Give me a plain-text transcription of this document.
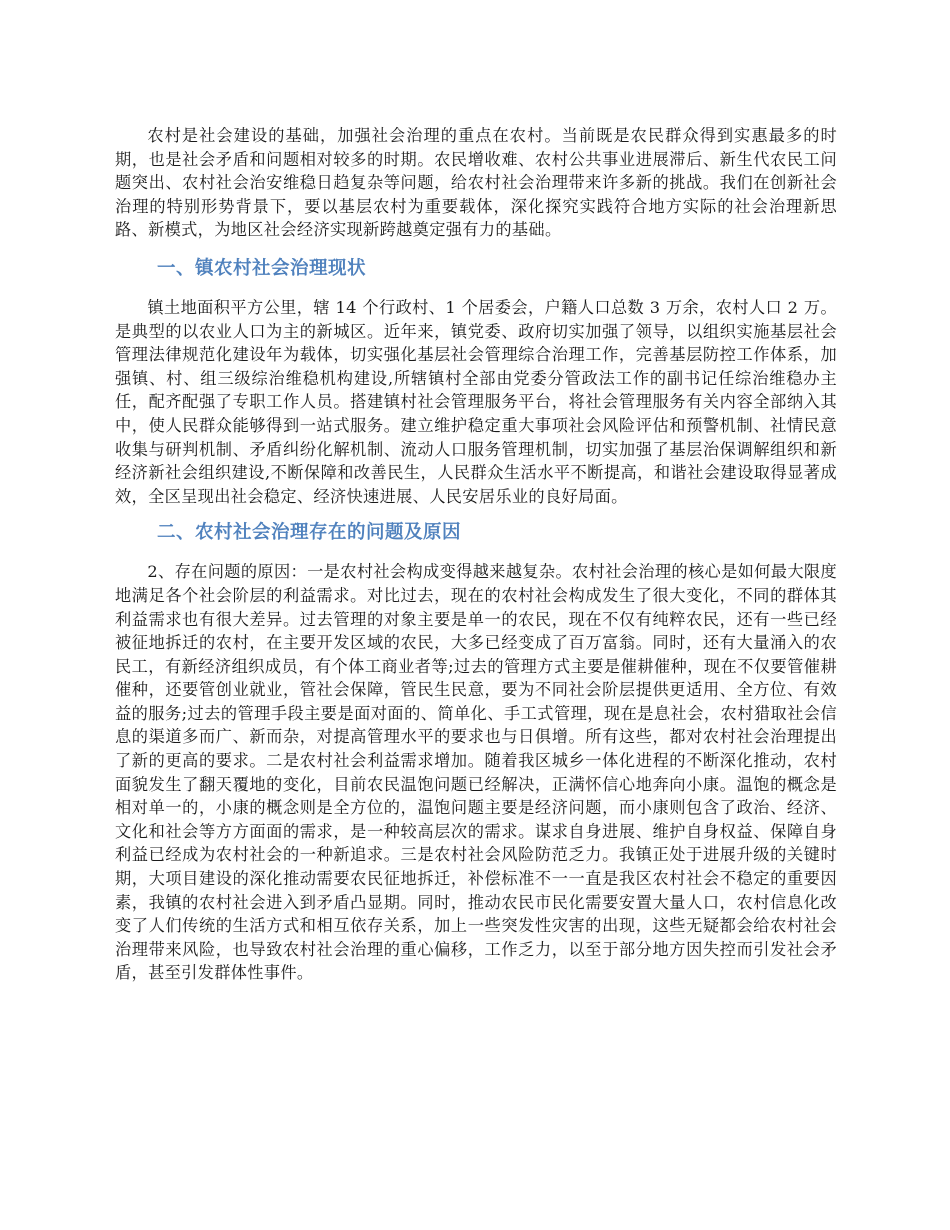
农村是社会建设的基础，加强社会治理的重点在农村。当前既是农民群众得到实惠最多的时期，也是社会矛盾和问题相对较多的时期。农民增收难、农村公共事业进展滞后、新生代农民工问题突出、农村社会治安维稳日趋复杂等问题，给农村社会治理带来许多新的挑战。我们在创新社会治理的特别形势背景下，要以基层农村为重要载体，深化探究实践符合地方实际的社会治理新思路、新模式，为地区社会经济实现新跨越奠定强有力的基础。

一、镇农村社会治理现状

镇土地面积平方公里，辖 14 个行政村、1 个居委会，户籍人口总数 3 万余，农村人口 2 万。是典型的以农业人口为主的新城区。近年来，镇党委、政府切实加强了领导，以组织实施基层社会管理法律规范化建设年为载体，切实强化基层社会管理综合治理工作，完善基层防控工作体系，加强镇、村、组三级综治维稳机构建设,所辖镇村全部由党委分管政法工作的副书记任综治维稳办主任，配齐配强了专职工作人员。搭建镇村社会管理服务平台，将社会管理服务有关内容全部纳入其中，使人民群众能够得到一站式服务。建立维护稳定重大事项社会风险评估和预警机制、社情民意收集与研判机制、矛盾纠纷化解机制、流动人口服务管理机制，切实加强了基层治保调解组织和新经济新社会组织建设,不断保障和改善民生，人民群众生活水平不断提高，和谐社会建设取得显著成效，全区呈现出社会稳定、经济快速进展、人民安居乐业的良好局面。

二、农村社会治理存在的问题及原因

2、存在问题的原因：一是农村社会构成变得越来越复杂。农村社会治理的核心是如何最大限度地满足各个社会阶层的利益需求。对比过去，现在的农村社会构成发生了很大变化，不同的群体其利益需求也有很大差异。过去管理的对象主要是单一的农民，现在不仅有纯粹农民，还有一些已经被征地拆迁的农村，在主要开发区域的农民，大多已经变成了百万富翁。同时，还有大量涌入的农民工，有新经济组织成员，有个体工商业者等;过去的管理方式主要是催耕催种，现在不仅要管催耕催种，还要管创业就业，管社会保障，管民生民意，要为不同社会阶层提供更适用、全方位、有效益的服务;过去的管理手段主要是面对面的、简单化、手工式管理，现在是息社会，农村猎取社会信息的渠道多而广、新而杂，对提高管理水平的要求也与日俱增。所有这些，都对农村社会治理提出了新的更高的要求。二是农村社会利益需求增加。随着我区城乡一体化进程的不断深化推动，农村面貌发生了翻天覆地的变化，目前农民温饱问题已经解决，正满怀信心地奔向小康。温饱的概念是相对单一的，小康的概念则是全方位的，温饱问题主要是经济问题，而小康则包含了政治、经济、文化和社会等方方面面的需求，是一种较高层次的需求。谋求自身进展、维护自身权益、保障自身利益已经成为农村社会的一种新追求。三是农村社会风险防范乏力。我镇正处于进展升级的关键时期，大项目建设的深化推动需要农民征地拆迁，补偿标准不一一直是我区农村社会不稳定的重要因素，我镇的农村社会进入到矛盾凸显期。同时，推动农民市民化需要安置大量人口，农村信息化改变了人们传统的生活方式和相互依存关系，加上一些突发性灾害的出现，这些无疑都会给农村社会治理带来风险，也导致农村社会治理的重心偏移，工作乏力，以至于部分地方因失控而引发社会矛盾，甚至引发群体性事件。
